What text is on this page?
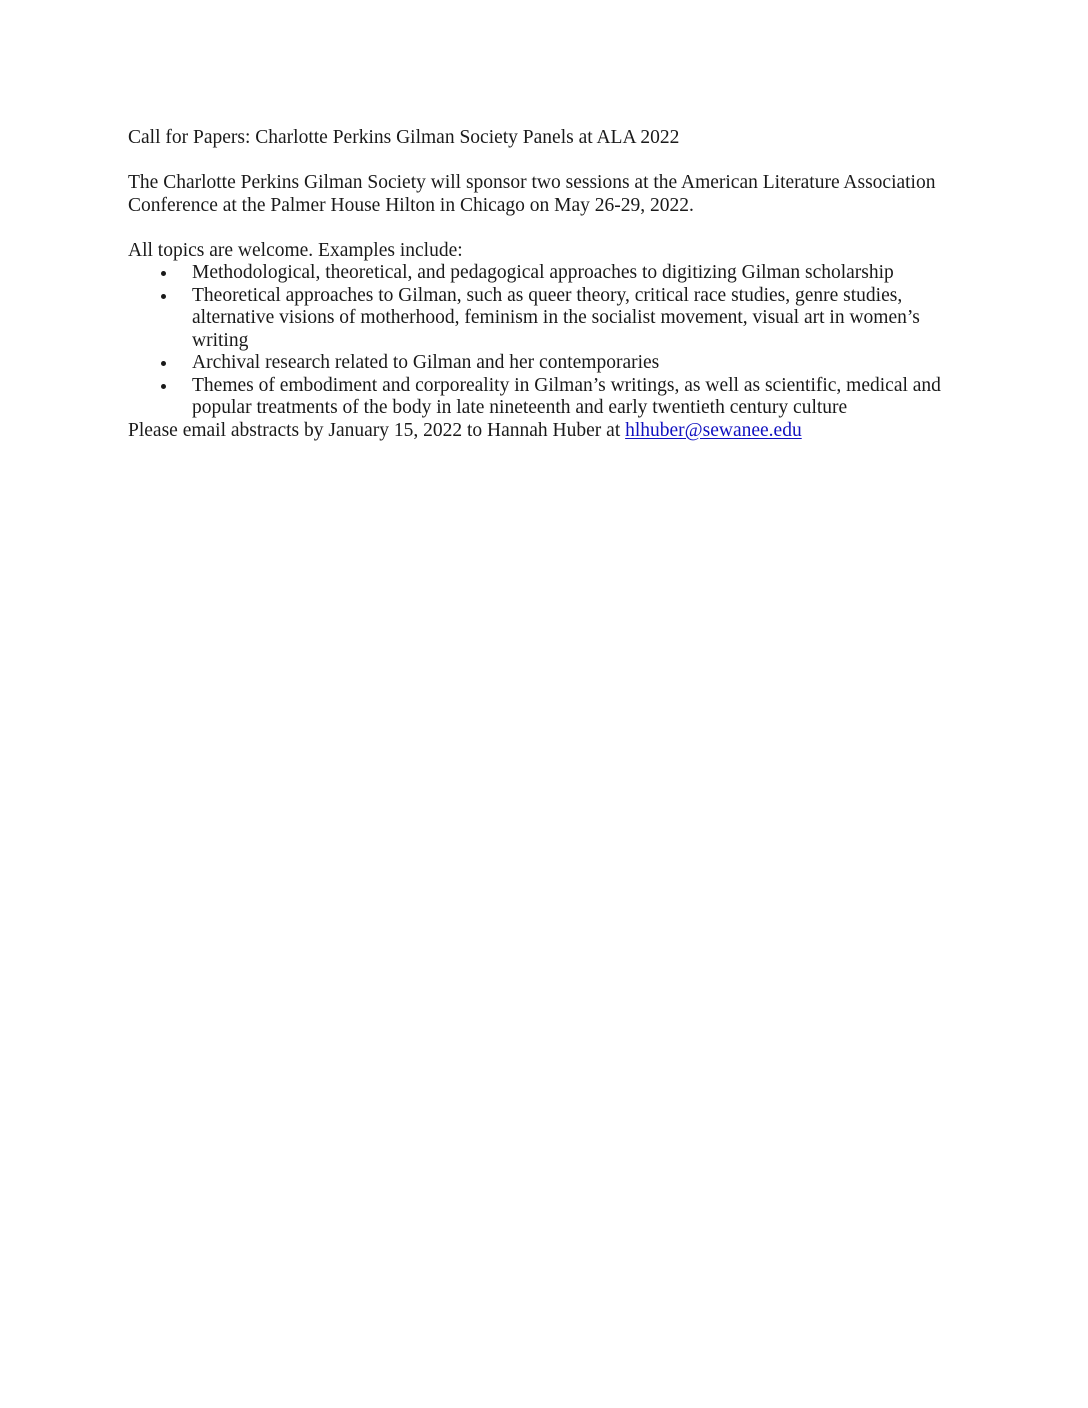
Call for Papers: Charlotte Perkins Gilman Society Panels at ALA 2022

The Charlotte Perkins Gilman Society will sponsor two sessions at the American Literature Association
Conference at the Palmer House Hilton in Chicago on May 26-29, 2022.

All topics are welcome. Examples include:

Methodological, theoretical, and pedagogical approaches to digitizing Gilman scholarship
Theoretical approaches to Gilman, such as queer theory, critical race studies, genre studies, alternative visions of motherhood, feminism in the socialist movement, visual art in women’s writing
Archival research related to Gilman and her contemporaries
Themes of embodiment and corporeality in Gilman’s writings, as well as scientific, medical and popular treatments of the body in late nineteenth and early twentieth century culture

Please email abstracts by January 15, 2022 to Hannah Huber at hlhuber@sewanee.edu
